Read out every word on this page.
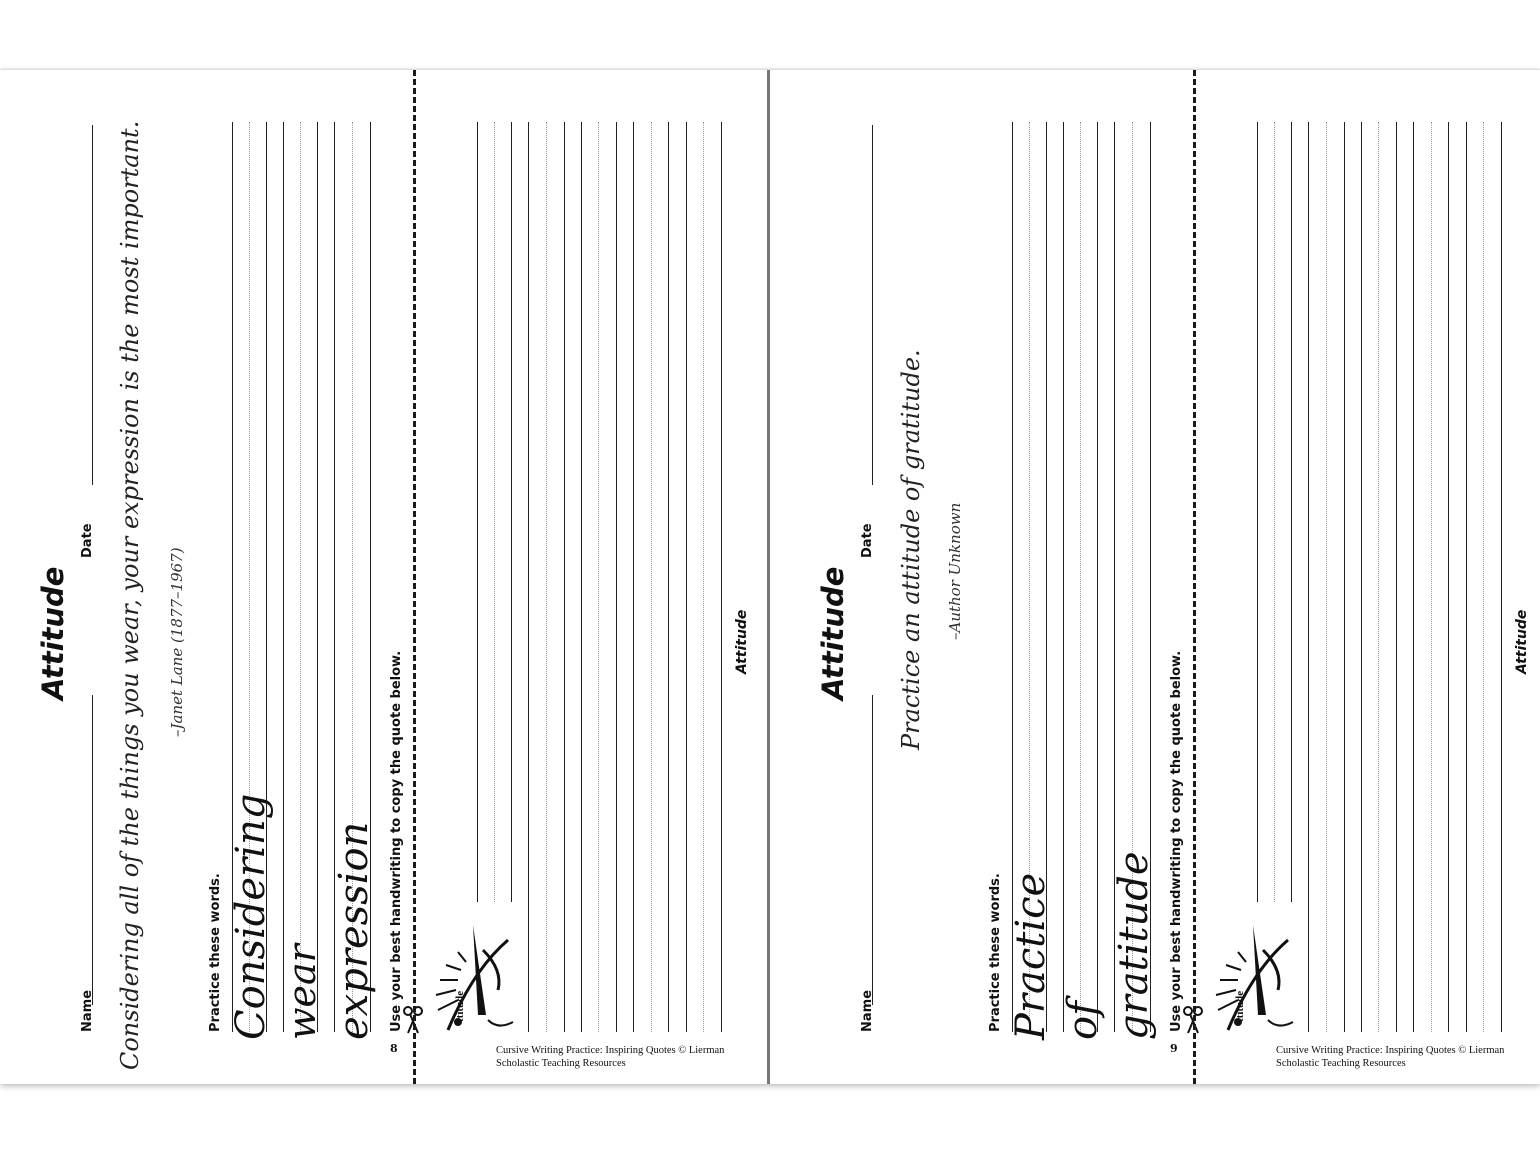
Attitude
Name
Date Considering all of the things you wear, your expression is the most important. –Janet Lane (1877–1967)
Practice these words. Considering wear expression Use your best handwriting to copy the quote below.
8
ttitude
Attitude
Cursive Writing Practice: Inspiring Quotes © Lierman
Scholastic Teaching Resources
Attitude
Name
Date Practice an attitude of gratitude. –Author Unknown
Practice these words. Practice of gratitude Use your best handwriting to copy the quote below.
9
ttitude
Attitude
Cursive Writing Practice: Inspiring Quotes © Lierman
Scholastic Teaching Resources
